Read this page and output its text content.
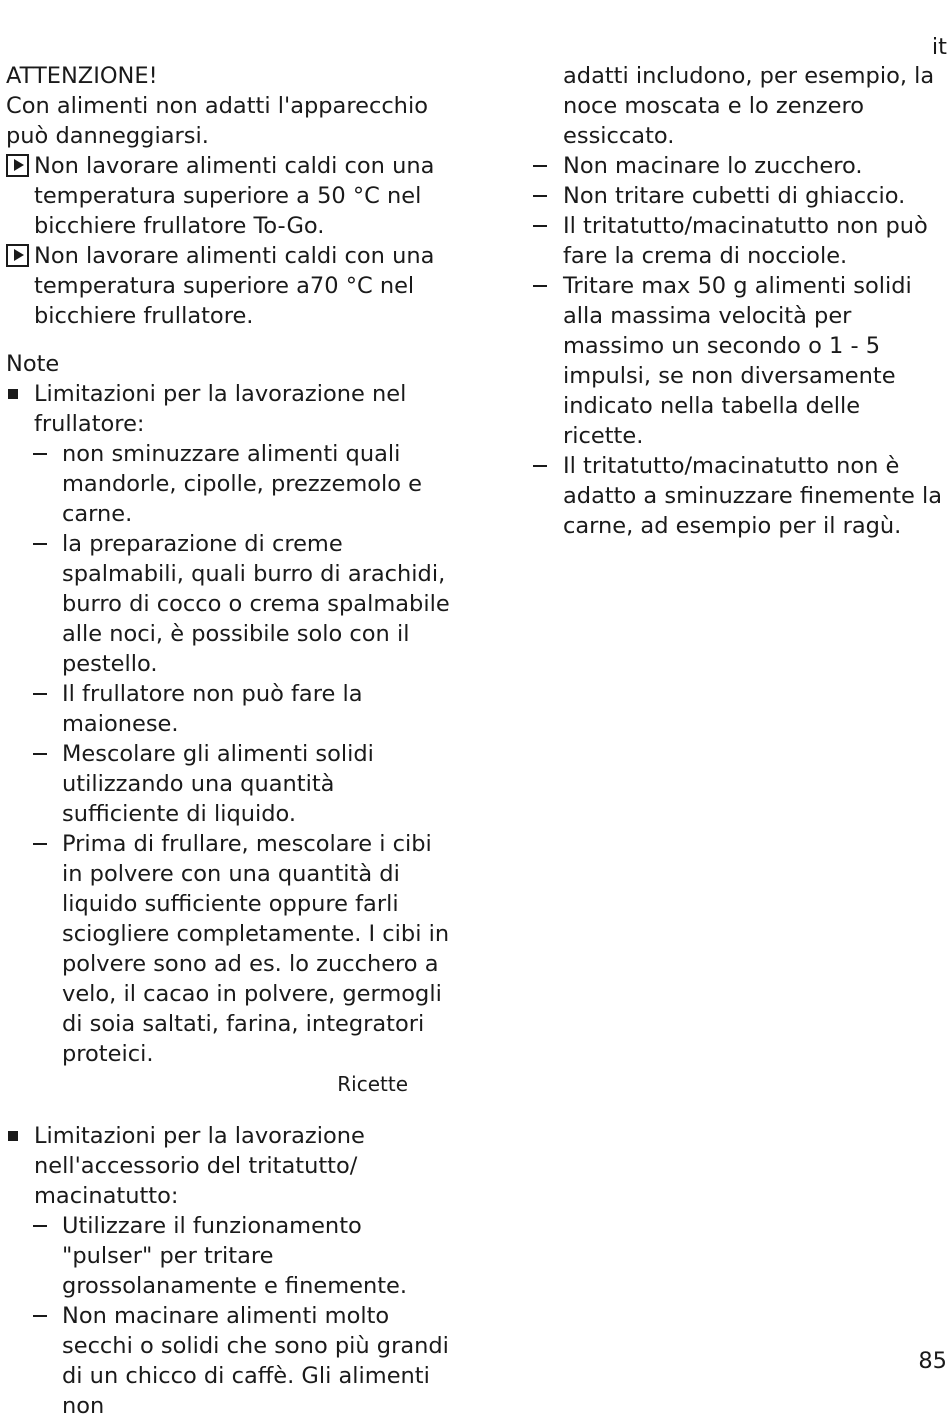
it

ATTENZIONE!

Con alimenti non adatti l'apparecchio può danneggiarsi.

Non lavorare alimenti caldi con una temperatura superiore a 50 °C nel bicchiere frullatore To-Go.
Non lavorare alimenti caldi con una temperatura superiore a70 °C nel bicchiere frullatore.

Note

Limitazioni per la lavorazione nel frullatore:
non sminuzzare alimenti quali mandorle, cipolle, prezzemolo e carne.
la preparazione di creme spalmabili, quali burro di arachidi, burro di cocco o crema spalmabile alle noci, è possibile solo con il pestello.
Il frullatore non può fare la maionese.
Mescolare gli alimenti solidi utilizzando una quantità sufficiente di liquido.
Prima di frullare, mescolare i cibi in polvere con una quantità di liquido sufficiente oppure farli sciogliere completamente. I cibi in polvere sono ad es. lo zucchero a velo, il cacao in polvere, germogli di soia saltati, farina, integratori proteici.
Ricette
Limitazioni per la lavorazione nell'accessorio del tritatutto/ macinatutto:
Utilizzare il funzionamento "pulser" per tritare grossolanamente e finemente.
Non macinare alimenti molto secchi o solidi che sono più grandi di un chicco di caffè. Gli alimenti non
adatti includono, per esempio, la noce moscata e lo zenzero essiccato.
Non macinare lo zucchero.
Non tritare cubetti di ghiaccio.
Il tritatutto/macinatutto non può fare la crema di nocciole.
Tritare max 50 g alimenti solidi alla massima velocità per massimo un secondo o 1 - 5 impulsi, se non diversamente indicato nella tabella delle ricette.
Il tritatutto/macinatutto non è adatto a sminuzzare finemente la carne, ad esempio per il ragù.
85
